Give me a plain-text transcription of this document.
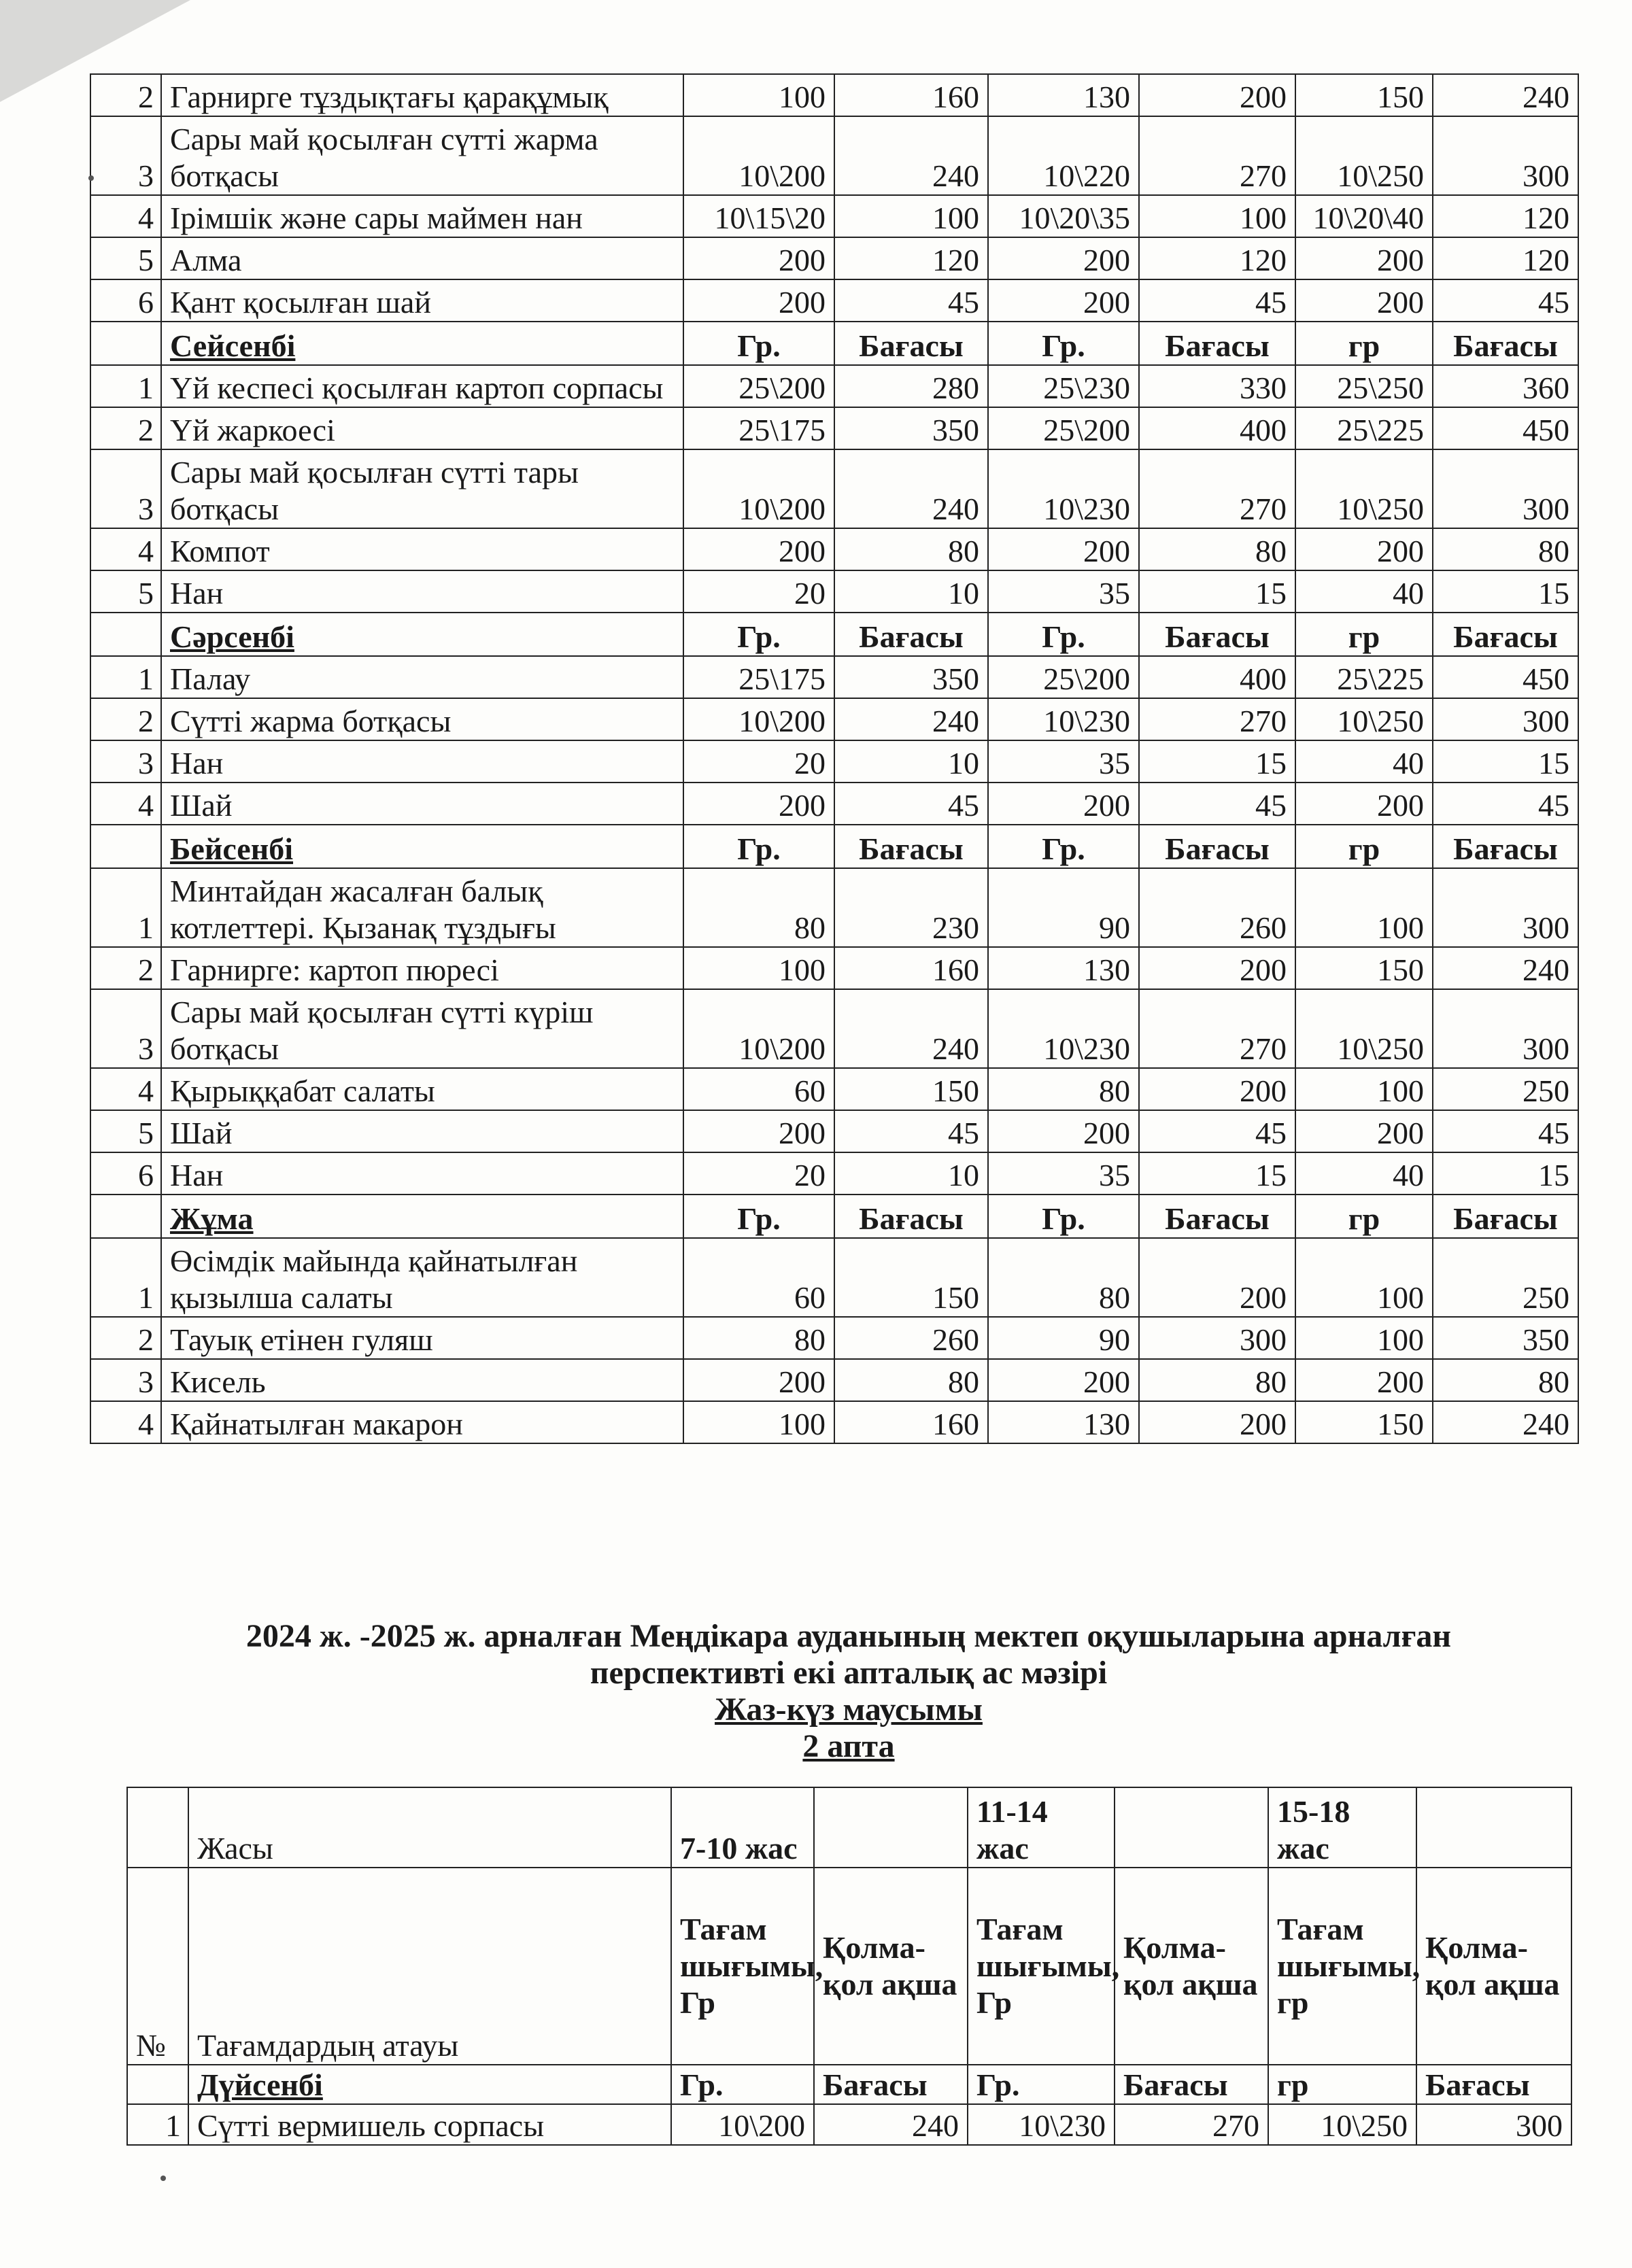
2	Гарнирге тұздықтағы қарақұмық	100	160	130	200	150	240
3	Сары май қосылған сүтті жарма ботқасы	10\200	240	10\220	270	10\250	300
4	Ірімшік және сары маймен нан	10\15\20	100	10\20\35	100	10\20\40	120
5	Алма	200	120	200	120	200	120
6	Қант қосылған шай	200	45	200	45	200	45
	Сейсенбі	Гр.	Бағасы	Гр.	Бағасы	гр	Бағасы
1	Үй кеспесі қосылған картоп сорпасы	25\200	280	25\230	330	25\250	360
2	Үй жаркоесі	25\175	350	25\200	400	25\225	450
3	Сары май қосылған сүтті тары ботқасы	10\200	240	10\230	270	10\250	300
4	Компот	200	80	200	80	200	80
5	Нан	20	10	35	15	40	15
	Сәрсенбі	Гр.	Бағасы	Гр.	Бағасы	гр	Бағасы
1	Палау	25\175	350	25\200	400	25\225	450
2	Сүтті жарма ботқасы	10\200	240	10\230	270	10\250	300
3	Нан	20	10	35	15	40	15
4	Шай	200	45	200	45	200	45
	Бейсенбі	Гр.	Бағасы	Гр.	Бағасы	гр	Бағасы
1	Минтайдан жасалған балық котлеттері. Қызанақ тұздығы	80	230	90	260	100	300
2	Гарнирге: картоп пюресі	100	160	130	200	150	240
3	Сары май қосылған сүтті күріш ботқасы	10\200	240	10\230	270	10\250	300
4	Қырыққабат салаты	60	150	80	200	100	250
5	Шай	200	45	200	45	200	45
6	Нан	20	10	35	15	40	15
	Жұма	Гр.	Бағасы	Гр.	Бағасы	гр	Бағасы
1	Өсімдік майында қайнатылған қызылша салаты	60	150	80	200	100	250
2	Тауық етінен гуляш	80	260	90	300	100	350
3	Кисель	200	80	200	80	200	80
4	Қайнатылған макарон	100	160	130	200	150	240
2024 ж. -2025 ж. арналған Меңдікара ауданының мектеп оқушыларына арналған
перспективті екі апталық ас мәзірі
Жаз-күз маусымы
2 апта
	Жасы	7-10 жас		11-14 жас		15-18 жас	
№	Тағамдардың атауы	Тағам шығымы, Гр	Қолма-қол ақша	Тағам шығымы, Гр	Қолма-қол ақша	Тағам шығымы, гр	Қолма-қол ақша
	Дүйсенбі	Гр.	Бағасы	Гр.	Бағасы	гр	Бағасы
1	Сүтті вермишель сорпасы	10\200	240	10\230	270	10\250	300
